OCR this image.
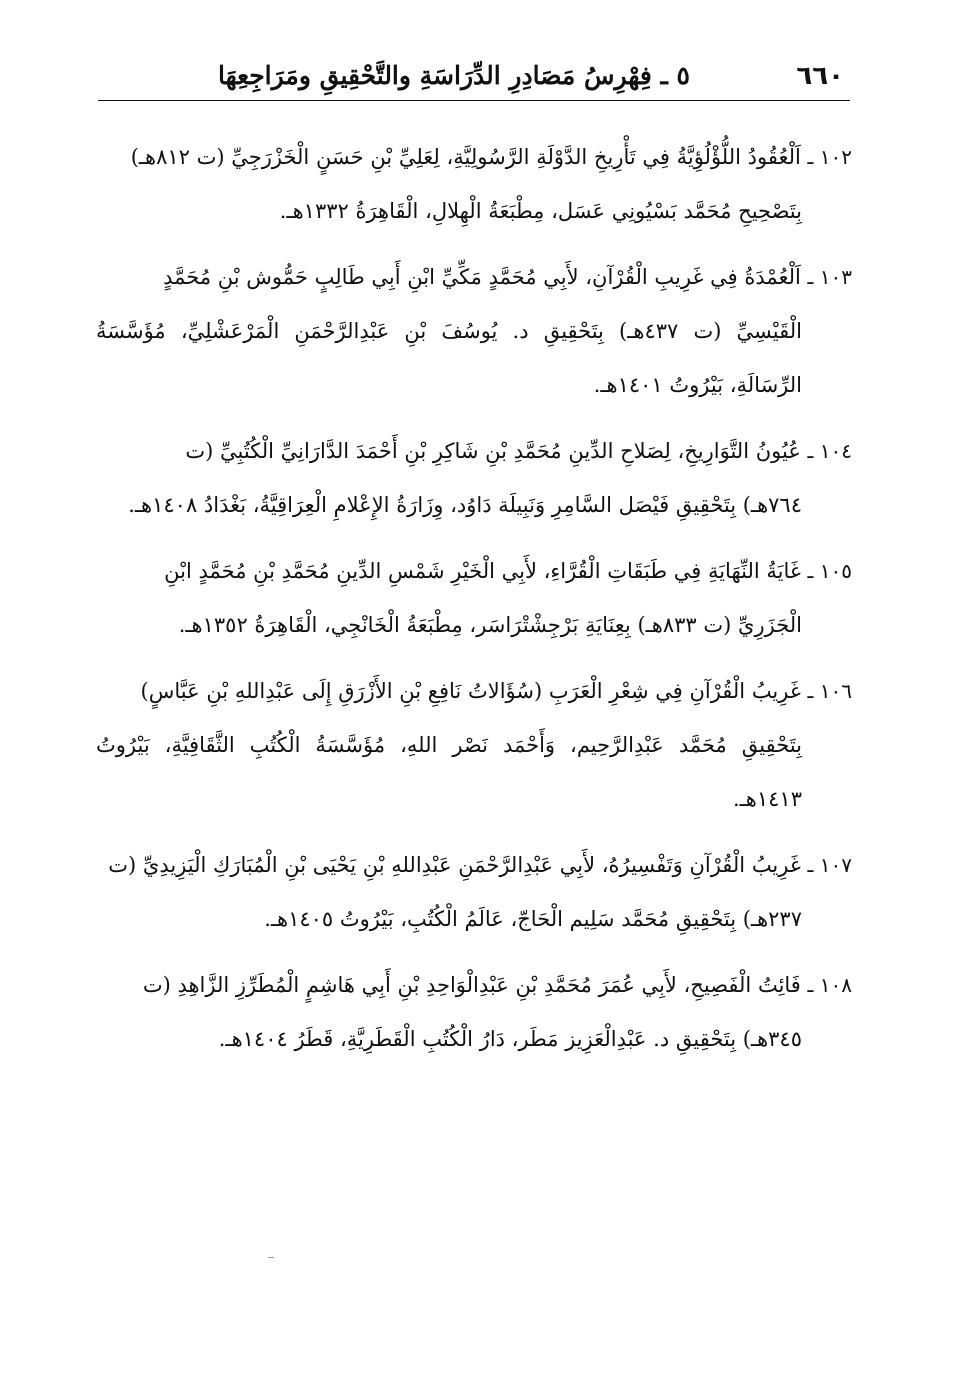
٦٦٠
٥ ـ فِهْرِسُ مَصَادِرِ الدِّرَاسَةِ والتَّحْقِيقِ ومَرَاجِعِهَا
١٠٢ ـ اَلْعُقُودُ اللُّؤْلُؤِيَّةُ فِي تَأْرِيخِ الدَّوْلَةِ الرَّسُولِيَّةِ، لِعَلِيِّ بْنِ حَسَنٍ الْخَزْرَجِيِّ (ت ٨١٢هـ)
بِتَصْحِيحِ مُحَمَّد بَسْيُونِي عَسَل، مِطْبَعَةُ الْهِلالِ، الْقَاهِرَةُ ١٣٣٢هـ.
١٠٣ ـ اَلْعُمْدَةُ فِي غَرِيبِ الْقُرْآنِ، لأَبِي مُحَمَّدٍ مَكِّيِّ ابْنِ أَبِي طَالِبٍ حَمُّوش بْنِ مُحَمَّدٍ
الْقَيْسِيِّ (ت ٤٣٧هـ) بِتَحْقِيقِ د. يُوسُفَ بْنِ عَبْدِالرَّحْمَنِ الْمَرْعَشْلِيِّ، مُؤَسَّسَةُ الرِّسَالَةِ، بَيْرُوتُ ١٤٠١هـ.
١٠٤ ـ عُيُونُ التَّوَارِيخِ، لِصَلاحِ الدِّينِ مُحَمَّدِ بْنِ شَاكِرِ بْنِ أَحْمَدَ الدَّارَانِيِّ الْكُتُبِيِّ (ت
٧٦٤هـ) بِتَحْقِيقِ فَيْصَل السَّامِرِ وَنَبِيلَة دَاوُد، وِزَارَةُ الإِعْلامِ الْعِرَاقِيَّةُ، بَغْدَادُ ١٤٠٨هـ.
١٠٥ ـ غَايَةُ النِّهَايَةِ فِي طَبَقَاتِ الْقُرَّاءِ، لأَبِي الْخَيْرِ شَمْسِ الدِّينِ مُحَمَّدِ بْنِ مُحَمَّدٍ ابْنِ
الْجَزَرِيِّ (ت ٨٣٣هـ) بِعِنَايَةِ بَرْجِشْتْرَاسَر، مِطْبَعَةُ الْخَانْجِي، الْقَاهِرَةُ ١٣٥٢هـ.
١٠٦ ـ غَرِيبُ الْقُرْآنِ فِي شِعْرِ الْعَرَبِ (سُؤَالاتُ نَافِعِ بْنِ الأَزْرَقِ إِلَى عَبْدِاللهِ بْنِ عَبَّاسٍ)
بِتَحْقِيقِ مُحَمَّد عَبْدِالرَّحِيم، وَأَحْمَد نَصْر اللهِ، مُؤَسَّسَةُ الْكُتُبِ الثَّقَافِيَّةِ، بَيْرُوتُ ١٤١٣هـ.
١٠٧ ـ غَرِيبُ الْقُرْآنِ وَتَفْسِيرُهُ، لأَبِي عَبْدِالرَّحْمَنِ عَبْدِاللهِ بْنِ يَحْيَى بْنِ الْمُبَارَكِ الْيَزِيدِيِّ (ت
٢٣٧هـ) بِتَحْقِيقِ مُحَمَّد سَلِيم الْحَاجّ، عَالَمُ الْكُتُبِ، بَيْرُوتُ ١٤٠٥هـ.
١٠٨ ـ فَائِتُ الْفَصِيحِ، لأَبِي عُمَرَ مُحَمَّدِ بْنِ عَبْدِالْوَاحِدِ بْنِ أَبِي هَاشِمٍ الْمُطَرِّزِ الزَّاهِدِ (ت
٣٤٥هـ) بِتَحْقِيقِ د. عَبْدِالْعَزِيز مَطَر، دَارُ الْكُتُبِ الْقَطَرِيَّةِ، قَطَرُ ١٤٠٤هـ.
